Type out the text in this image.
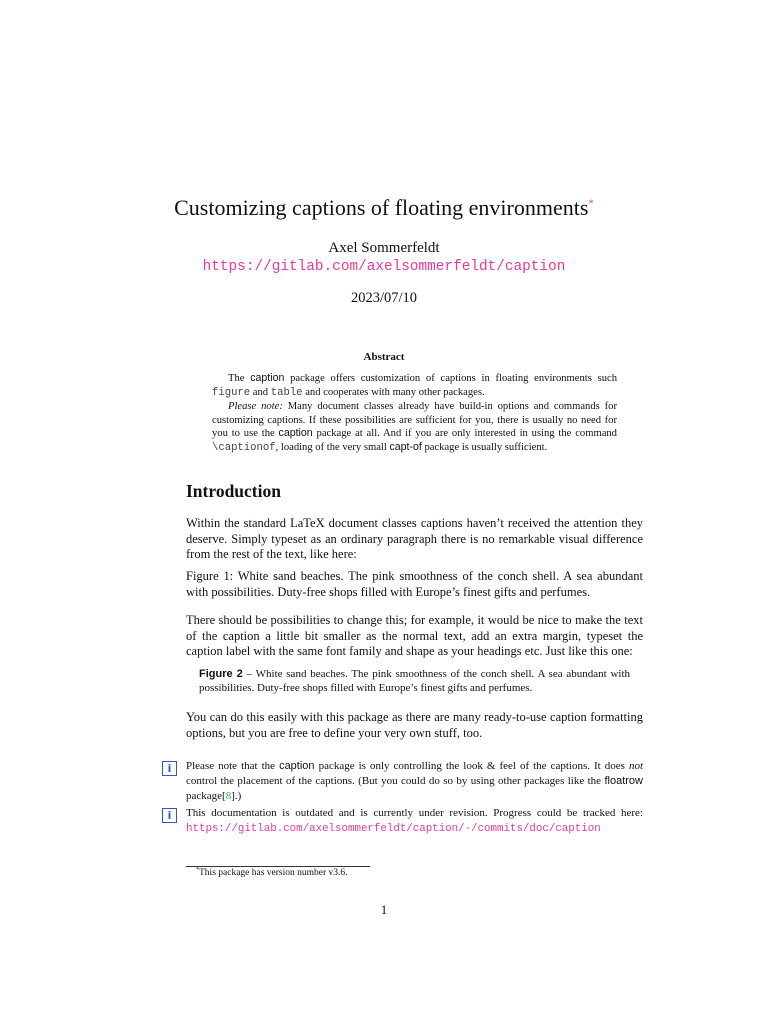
Customizing captions of floating environments*
Axel Sommerfeldt
https://gitlab.com/axelsommerfeldt/caption
2023/07/10
Abstract

The caption package offers customization of captions in floating environments such figure and table and cooperates with many other packages.

Please note: Many document classes already have build-in options and commands for customizing captions. If these possibilities are sufficient for you, there is usually no need for you to use the caption package at all. And if you are only interested in using the command \captionof, loading of the very small capt-of package is usually sufficient.

Introduction

Within the standard LaTeX document classes captions haven’t received the attention they deserve. Simply typeset as an ordinary paragraph there is no remarkable visual difference from the rest of the text, like here:

Figure 1: White sand beaches. The pink smoothness of the conch shell. A sea abundant with possibilities. Duty-free shops filled with Europe’s finest gifts and perfumes.

There should be possibilities to change this; for example, it would be nice to make the text of the caption a little bit smaller as the normal text, add an extra margin, typeset the caption label with the same font family and shape as your headings etc. Just like this one:

Figure 2 – White sand beaches. The pink smoothness of the conch shell. A sea abundant with possibilities. Duty-free shops filled with Europe’s finest gifts and perfumes.

You can do this easily with this package as there are many ready-to-use caption formatting options, but you are free to define your very own stuff, too.

i	Please note that the caption package is only controlling the look & feel of the captions. It does not control the placement of the captions. (But you could do so by using other packages like the floatrow package[8].)

i	This documentation is outdated and is currently under revision. Progress could be tracked here: https://gitlab.com/axelsommerfeldt/caption/-/commits/doc/caption

*This package has version number v3.6.
1
